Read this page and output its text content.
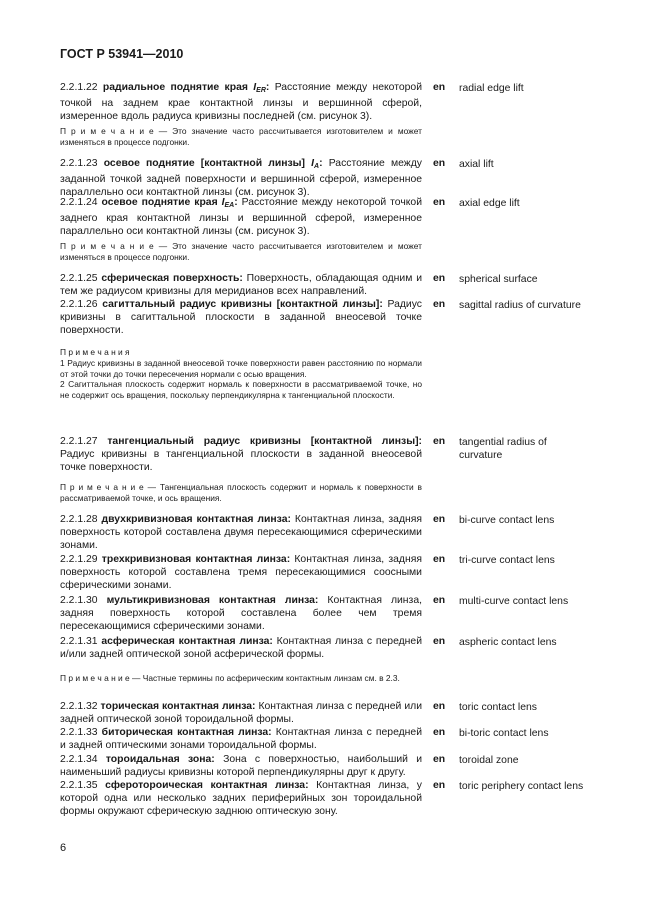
ГОСТ Р 53941—2010
2.2.1.22 радиальное поднятие края $I_{ER}$: Расстояние между некоторой точкой на заднем крае контактной линзы и вершинной сферой, измеренное вдоль радиуса кривизны последней (см. рисунок 3).
en radial edge lift
П р и м е ч а н и е — Это значение часто рассчитывается изготовителем и может изменяться в процессе подгонки.
2.2.1.23 осевое поднятие [контактной линзы] $I_A$: Расстояние между заданной точкой задней поверхности и вершинной сферой, измеренное параллельно оси контактной линзы (см. рисунок 3).
en axial lift
2.2.1.24 осевое поднятие края $I_{EA}$: Расстояние между некоторой точкой заднего края контактной линзы и вершинной сферой, измеренное параллельно оси контактной линзы (см. рисунок 3).
en axial edge lift
П р и м е ч а н и е — Это значение часто рассчитывается изготовителем и может изменяться в процессе подгонки.
2.2.1.25 сферическая поверхность: Поверхность, обладающая одним и тем же радиусом кривизны для меридианов всех направлений.
en spherical surface
2.2.1.26 сагиттальный радиус кривизны [контактной линзы]: Радиус кривизны в сагиттальной плоскости в заданной внеосевой точке поверхности.
en sagittal radius of curvature
П р и м е ч а н и я
1 Радиус кривизны в заданной внеосевой точке поверхности равен расстоянию по нормали от этой точки до точки пересечения нормали с осью вращения.
2 Сагиттальная плоскость содержит нормаль к поверхности в рассматриваемой точке, но не содержит ось вращения, поскольку перпендикулярна к тангенциальной плоскости.
2.2.1.27 тангенциальный радиус кривизны [контактной линзы]: Радиус кривизны в тангенциальной плоскости в заданной внеосевой точке поверхности.
en tangential radius of curvature
П р и м е ч а н и е — Тангенциальная плоскость содержит и нормаль к поверхности в рассматриваемой точке, и ось вращения.
2.2.1.28 двухкривизновая контактная линза: Контактная линза, задняя поверхность которой составлена двумя пересекающимися сферическими зонами.
en bi-curve contact lens
2.2.1.29 трехкривизновая контактная линза: Контактная линза, задняя поверхность которой составлена тремя пересекающимися соосными сферическими зонами.
en tri-curve contact lens
2.2.1.30 мультикривизновая контактная линза: Контактная линза, задняя поверхность которой составлена более чем тремя пересекающимися сферическими зонами.
en multi-curve contact lens
2.2.1.31 асферическая контактная линза: Контактная линза с передней и/или задней оптической зоной асферической формы.
en aspheric contact lens
П р и м е ч а н и е — Частные термины по асферическим контактным линзам см. в 2.3.
2.2.1.32 торическая контактная линза: Контактная линза с передней или задней оптической зоной тороидальной формы.
en toric contact lens
2.2.1.33 биторическая контактная линза: Контактная линза с передней и задней оптическими зонами тороидальной формы.
en bi-toric contact lens
2.2.1.34 тороидальная зона: Зона с поверхностью, наибольший и наименьший радиусы кривизны которой перпендикулярны друг к другу.
en toroidal zone
2.2.1.35 сферотороическая контактная линза: Контактная линза, у которой одна или несколько задних периферийных зон тороидальной формы окружают сферическую заднюю оптическую зону.
en toric periphery contact lens
6
